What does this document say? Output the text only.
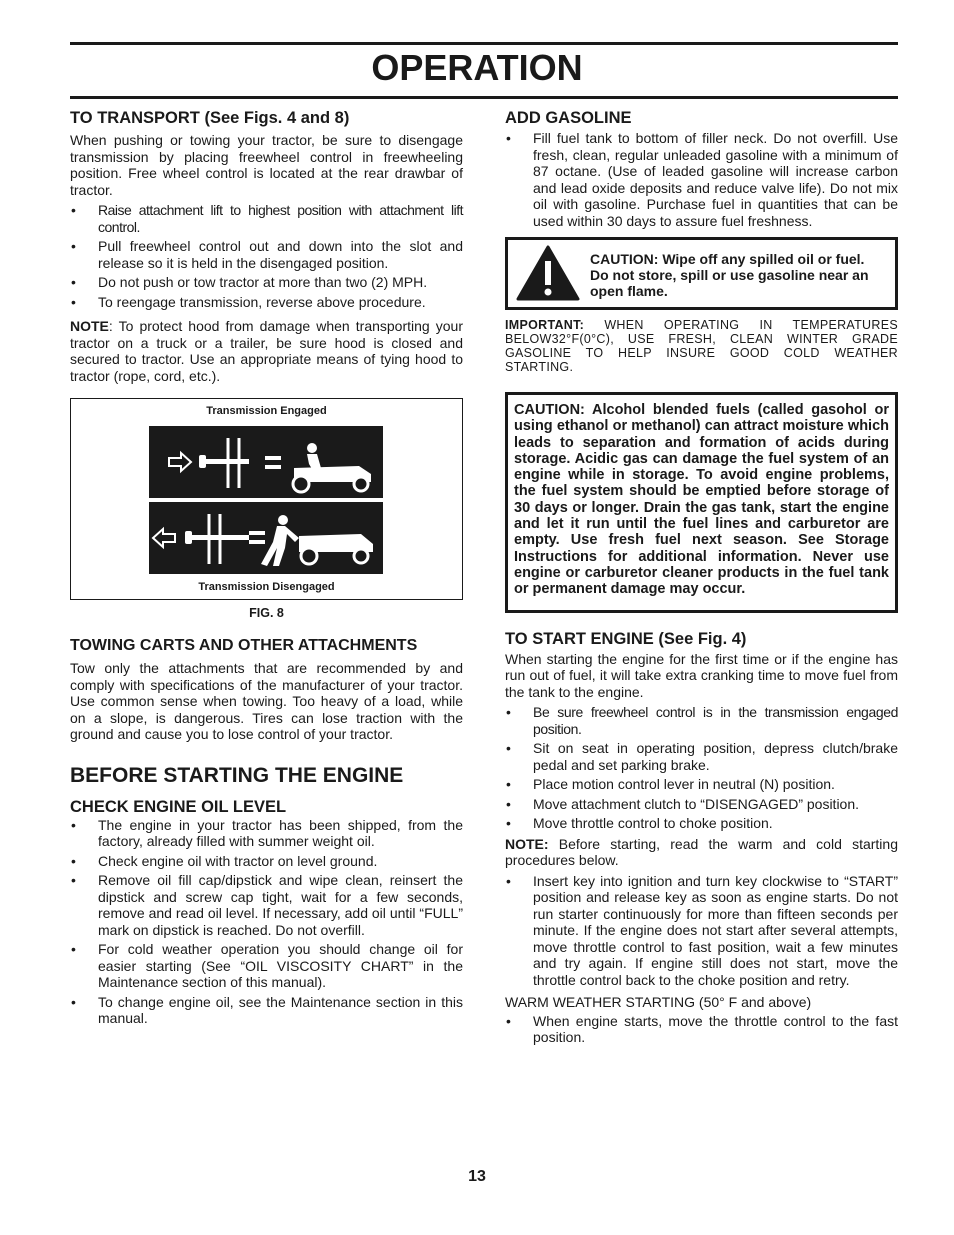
OPERATION
TO TRANSPORT (See Figs. 4 and 8)

When pushing or towing your tractor, be sure to disengage transmission by placing freewheel control in freewheeling position. Free wheel control is located at the rear drawbar of tractor.

• Raise attachment lift to highest position with attachment lift control.
• Pull freewheel control out and down into the slot and release so it is held in the disengaged position.
• Do not push or tow tractor at more than two (2) MPH.
• To reengage transmission, reverse above procedure.

NOTE: To protect hood from damage when transporting your tractor on a truck or a trailer, be sure hood is closed and secured to tractor. Use an appropriate means of tying hood to tractor (rope, cord, etc.).

Transmission Engaged
Transmission Disengaged
FIG. 8
TOWING CARTS AND OTHER ATTACHMENTS

Tow only the attachments that are recommended by and comply with specifications of the manufacturer of your tractor. Use common sense when towing. Too heavy of a load, while on a slope, is dangerous. Tires can lose traction with the ground and cause you to lose control of your tractor.

BEFORE STARTING THE ENGINE
CHECK ENGINE OIL LEVEL
• The engine in your tractor has been shipped, from the factory, already filled with summer weight oil.
• Check engine oil with tractor on level ground.
• Remove oil fill cap/dipstick and wipe clean, reinsert the dipstick and screw cap tight, wait for a few seconds, remove and read oil level. If necessary, add oil until “FULL” mark on dipstick is reached. Do not overfill.
• For cold weather operation you should change oil for easier starting (See “OIL VISCOSITY CHART” in the Maintenance section of this manual).
• To change engine oil, see the Maintenance section in this manual.
ADD GASOLINE
• Fill fuel tank to bottom of filler neck. Do not overfill. Use fresh, clean, regular unleaded gasoline with a minimum of 87 octane. (Use of leaded gasoline will increase carbon and lead oxide deposits and reduce valve life). Do not mix oil with gasoline. Purchase fuel in quantities that can be used within 30 days to assure fuel freshness.
CAUTION: Wipe off any spilled oil or fuel. Do not store, spill or use gasoline near an open flame.

IMPORTANT: WHEN OPERATING IN TEMPERATURES BELOW32°F(0°C), USE FRESH, CLEAN WINTER GRADE GASOLINE TO HELP INSURE GOOD COLD WEATHER STARTING.

CAUTION: Alcohol blended fuels (called gasohol or using ethanol or methanol) can attract moisture which leads to separation and formation of acids during storage. Acidic gas can damage the fuel system of an engine while in storage. To avoid engine problems, the fuel system should be emptied before storage of 30 days or longer. Drain the gas tank, start the engine and let it run until the fuel lines and carburetor are empty. Use fresh fuel next season. See Storage Instructions for additional information. Never use engine or carburetor cleaner products in the fuel tank or permanent damage may occur.
TO START ENGINE (See Fig. 4)

When starting the engine for the first time or if the engine has run out of fuel, it will take extra cranking time to move fuel from the tank to the engine.

• Be sure freewheel control is in the transmission engaged position.
• Sit on seat in operating position, depress clutch/brake pedal and set parking brake.
• Place motion control lever in neutral (N) position.
• Move attachment clutch to “DISENGAGED” position.
• Move throttle control to choke position.

NOTE: Before starting, read the warm and cold starting procedures below.

• Insert key into ignition and turn key clockwise to “START” position and release key as soon as engine starts. Do not run starter continuously for more than fifteen seconds per minute. If the engine does not start after several attempts, move throttle control to fast position, wait a few minutes and try again. If engine still does not start, move the throttle control back to the choke position and retry.

WARM WEATHER STARTING (50° F and above)

• When engine starts, move the throttle control to the fast position.
13
